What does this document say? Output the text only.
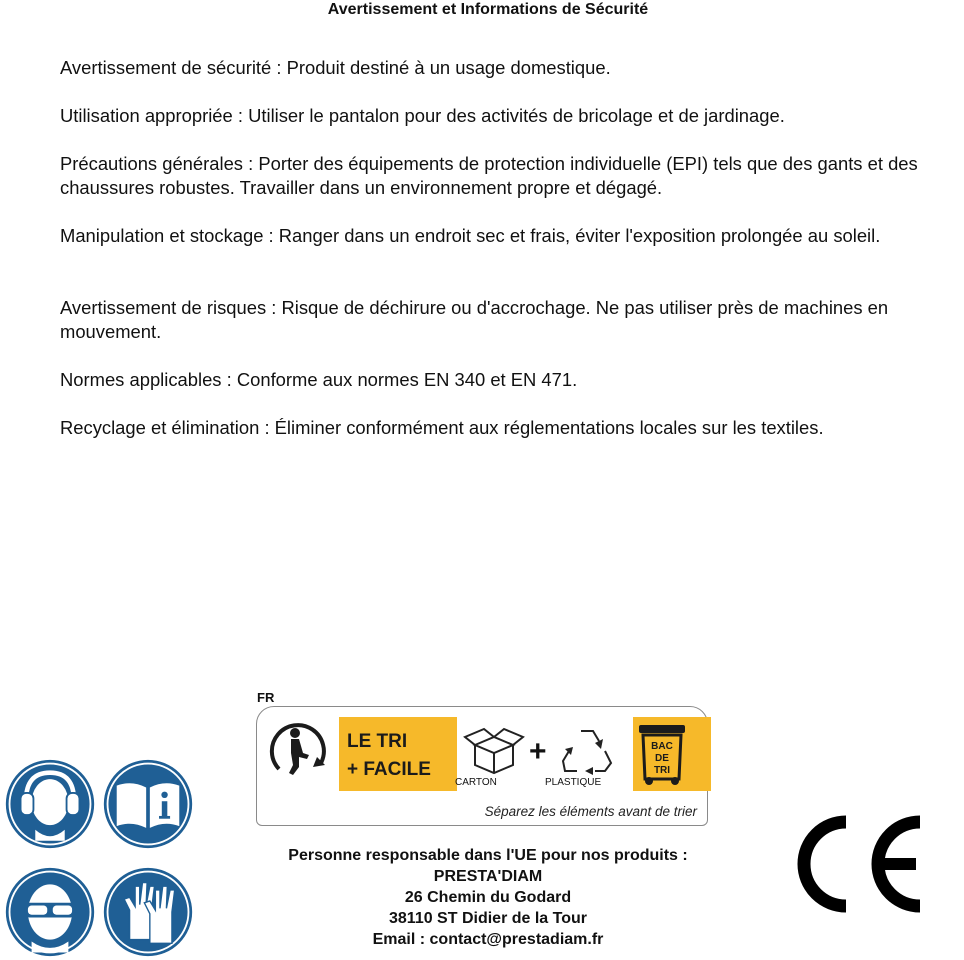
Avertissement et Informations de Sécurité

Avertissement de sécurité : Produit destiné à un usage domestique.

Utilisation appropriée : Utiliser le pantalon pour des activités de bricolage et de jardinage.

Précautions générales : Porter des équipements de protection individuelle (EPI) tels que des gants et des chaussures robustes. Travailler dans un environnement propre et dégagé.

Manipulation et stockage : Ranger dans un endroit sec et frais, éviter l'exposition prolongée au soleil.

Avertissement de risques : Risque de déchirure ou d'accrochage. Ne pas utiliser près de machines en mouvement.

Normes applicables : Conforme aux normes EN 340 et EN 471.

Recyclage et élimination : Éliminer conformément aux réglementations locales sur les textiles.

FR
LE TRI
+ FACILE
CARTON
+
PLASTIQUE
BAC
DE
TRI
Séparez les éléments avant de trier
Personne responsable dans l'UE pour nos produits :
PRESTA'DIAM
26 Chemin du Godard
38110 ST Didier de la Tour
Email : contact@prestadiam.fr
